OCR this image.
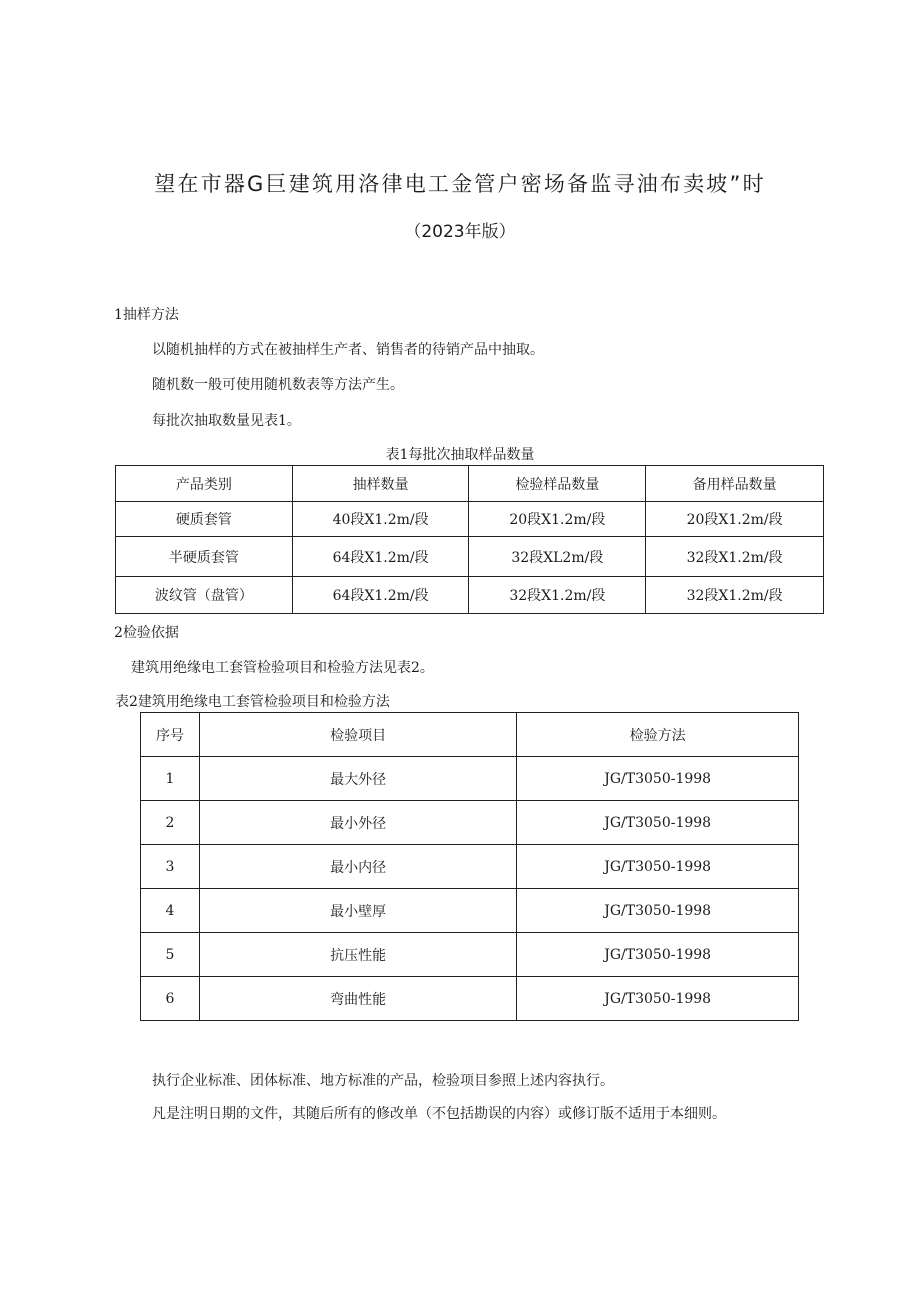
望在市器G巨建筑用洛律电工金管户密场备监寻油布卖坡”时
（2023年版）
1抽样方法
以随机抽样的方式在被抽样生产者、销售者的待销产品中抽取。
随机数一般可使用随机数表等方法产生。
每批次抽取数量见表1。
表1每批次抽取样品数量
产品类别	抽样数量	检验样品数量	备用样品数量
硬质套管	40段X1.2m/段	20段X1.2m/段	20段X1.2m/段
半硬质套管	64段X1.2m/段	32段XL2m/段	32段X1.2m/段
波纹管（盘管）	64段X1.2m/段	32段X1.2m/段	32段X1.2m/段
2检验依据
建筑用绝缘电工套管检验项目和检验方法见表2。
表2建筑用绝缘电工套管检验项目和检验方法
序号	检验项目	检验方法
1	最大外径	JG/T3050-1998
2	最小外径	JG/T3050-1998
3	最小内径	JG/T3050-1998
4	最小壁厚	JG/T3050-1998
5	抗压性能	JG/T3050-1998
6	弯曲性能	JG/T3050-1998
执行企业标准、团体标准、地方标准的产品，检验项目参照上述内容执行。
凡是注明日期的文件，其随后所有的修改单（不包括勘误的内容）或修订版不适用于本细则。
